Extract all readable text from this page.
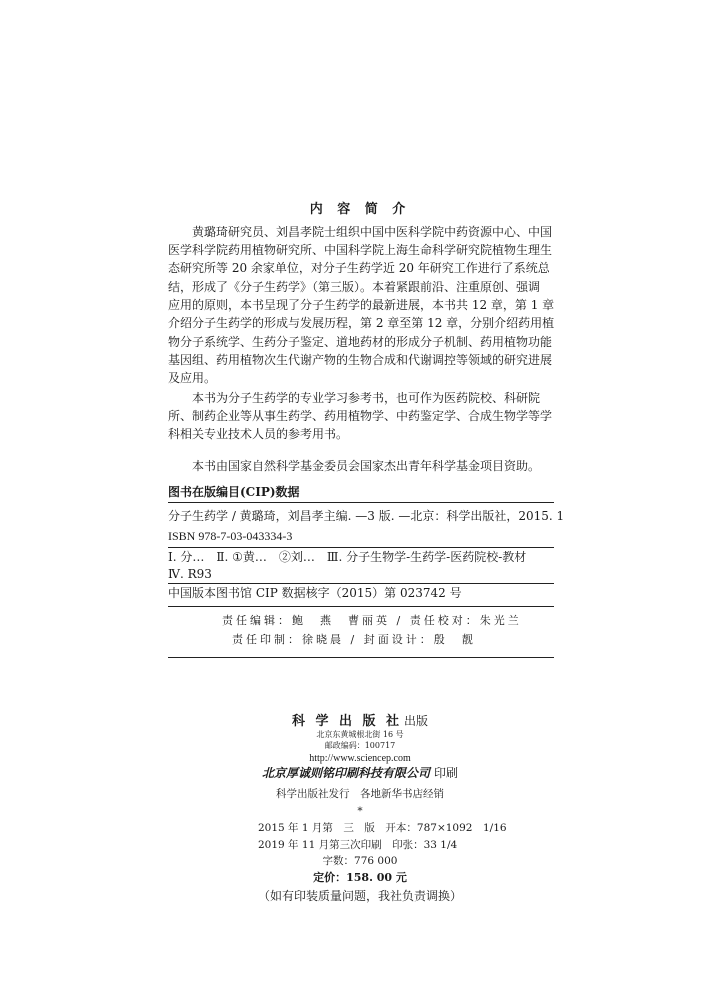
内 容 简 介
黄璐琦研究员、刘昌孝院士组织中国中医科学院中药资源中心、中国
医学科学院药用植物研究所、中国科学院上海生命科学研究院植物生理生
态研究所等 20 余家单位，对分子生药学近 20 年研究工作进行了系统总
结，形成了《分子生药学》（第三版）。本着紧跟前沿、注重原创、强调
应用的原则，本书呈现了分子生药学的最新进展，本书共 12 章，第 1 章
介绍分子生药学的形成与发展历程，第 2 章至第 12 章，分别介绍药用植
物分子系统学、生药分子鉴定、道地药材的形成分子机制、药用植物功能
基因组、药用植物次生代谢产物的生物合成和代谢调控等领域的研究进展
及应用。
本书为分子生药学的专业学习参考书，也可作为医药院校、科研院
所、制药企业等从事生药学、药用植物学、中药鉴定学、合成生物学等学
科相关专业技术人员的参考用书。
本书由国家自然科学基金委员会国家杰出青年科学基金项目资助。
图书在版编目(CIP)数据
分子生药学 / 黄璐琦，刘昌孝主编. —3 版. —北京：科学出版社，2015. 1
ISBN 978-7-03-043334-3
Ⅰ. 分…　Ⅱ. ①黄…　②刘…　Ⅲ. 分子生物学-生药学-医药院校-教材
Ⅳ. R93
中国版本图书馆 CIP 数据核字（2015）第 023742 号
责任编辑：鲍　燕　曹丽英 / 责任校对：朱光兰
责任印制：徐晓晨 / 封面设计：殷　靓
科 学 出 版 社 出版
北京东黄城根北街 16 号
邮政编码：100717
http://www.sciencep.com
北京厚诚则铭印刷科技有限公司 印刷
科学出版社发行　各地新华书店经销
*
2015 年 1 月第　三　版　开本：787×1092　1/16
2019 年 11 月第三次印刷　印张：33 1/4
字数：776 000
定价：158. 00 元
（如有印装质量问题，我社负责调换）
